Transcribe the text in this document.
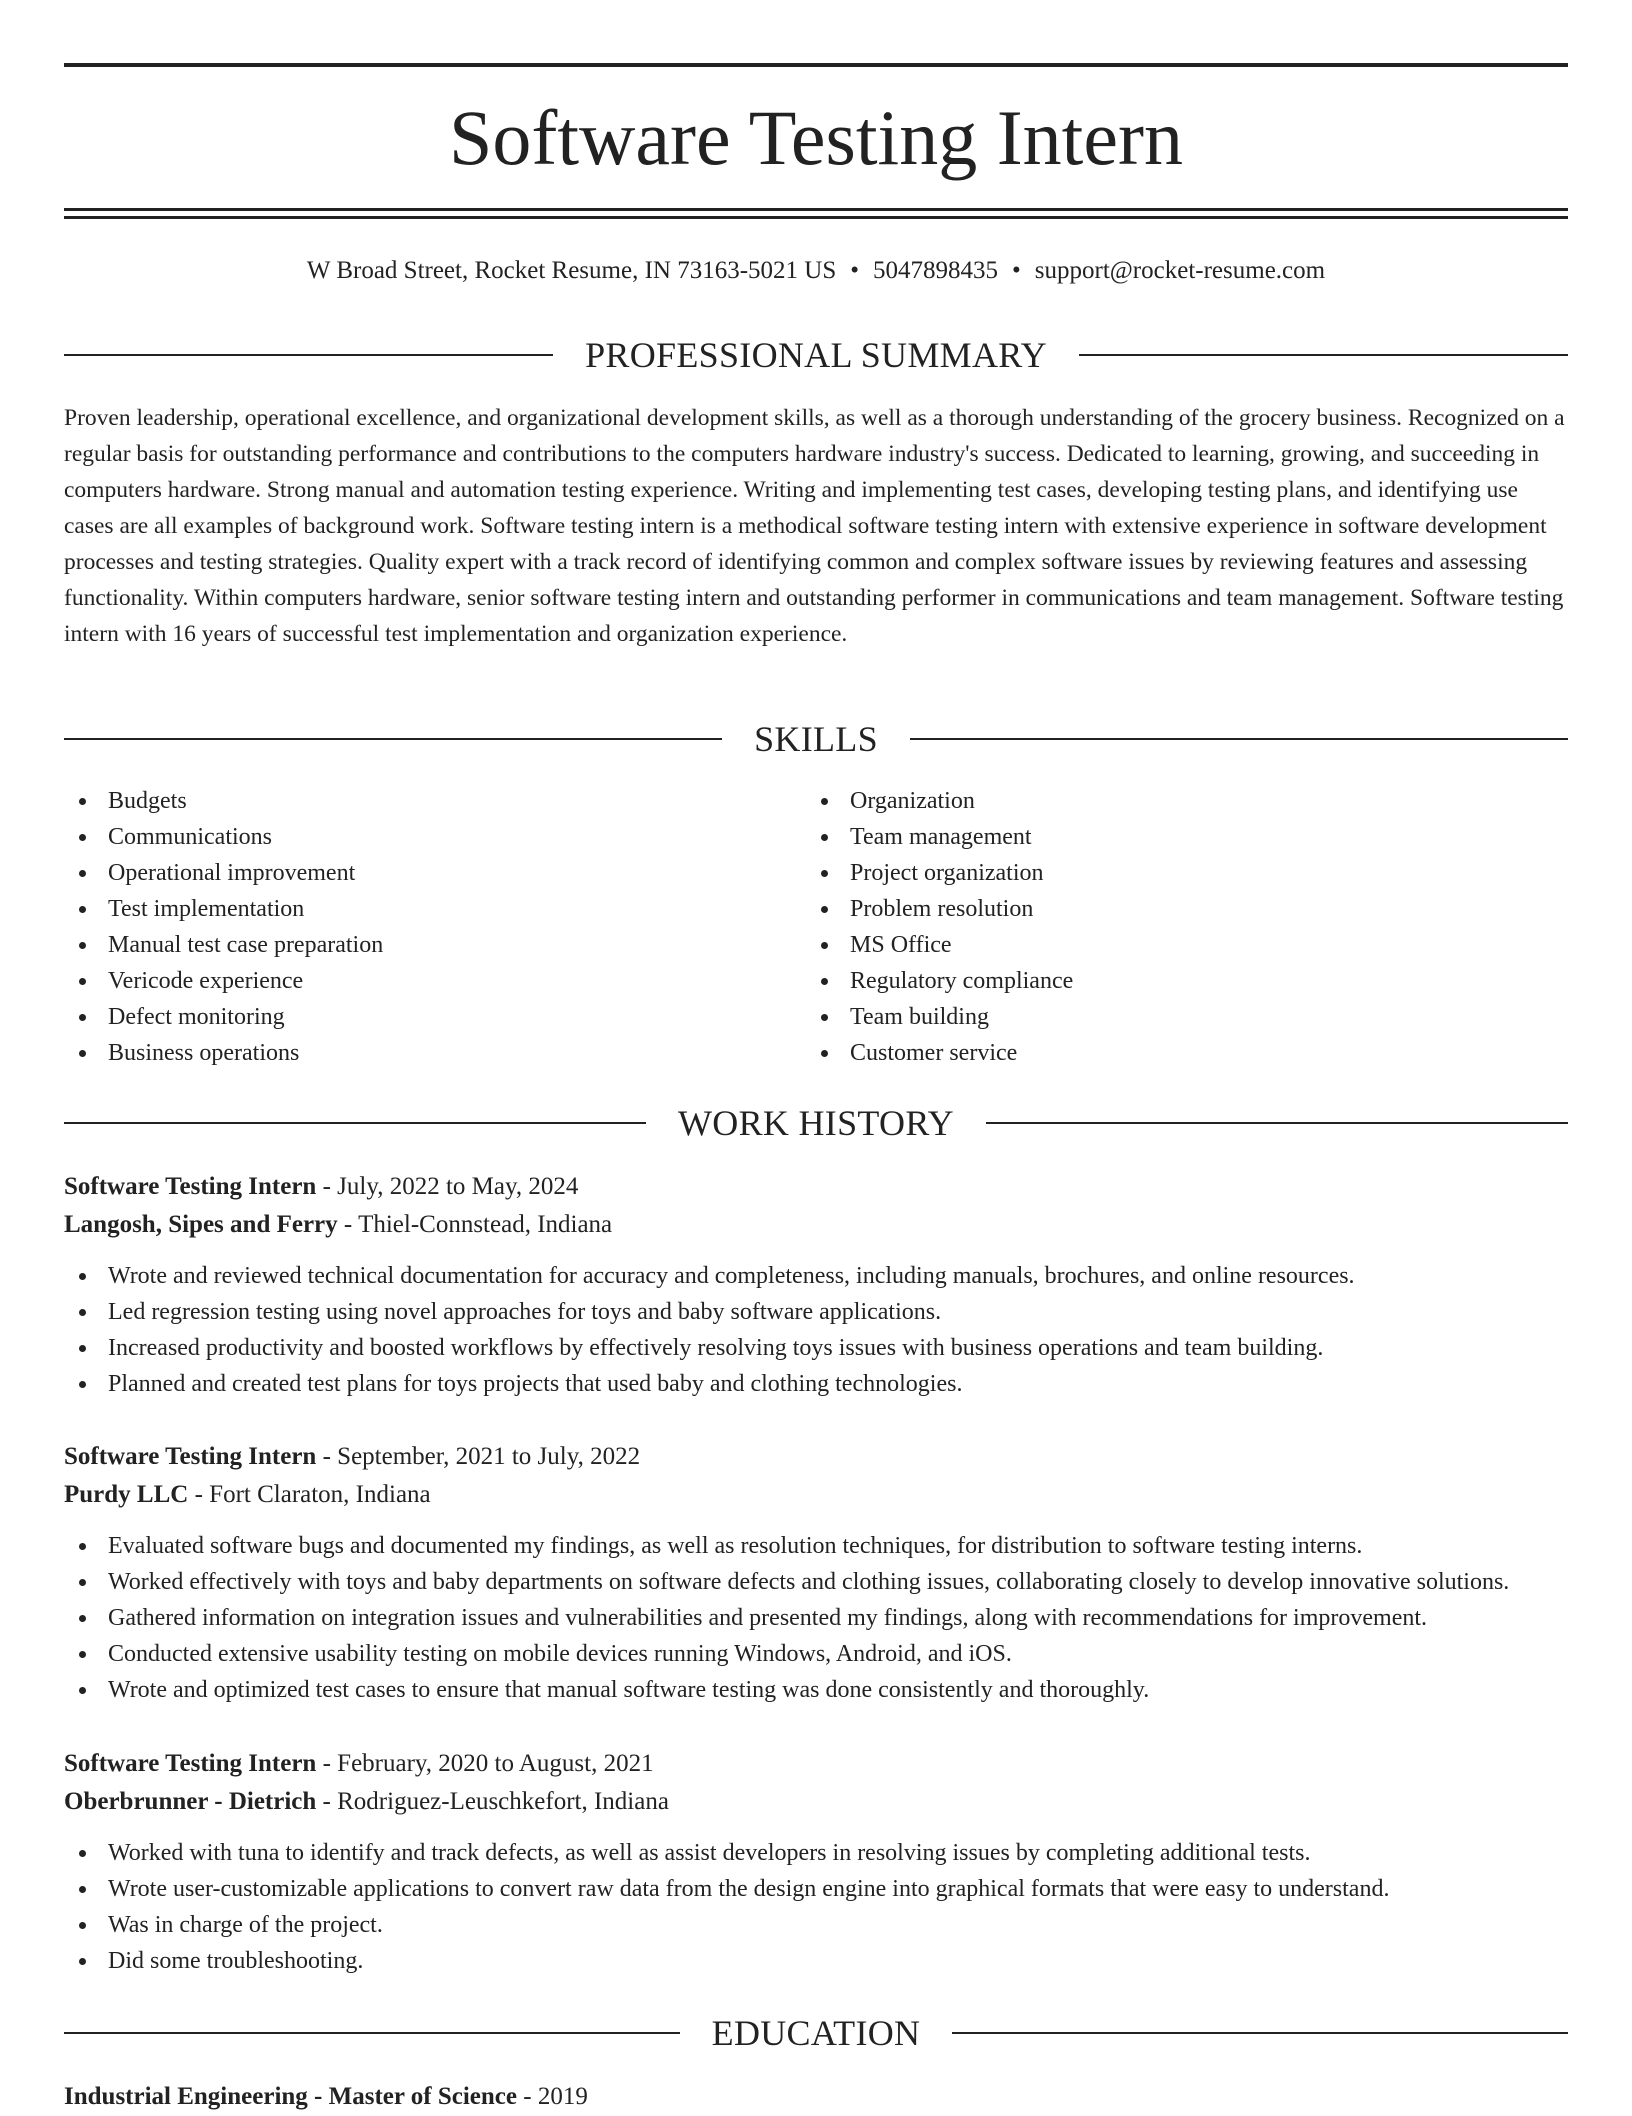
Software Testing Intern
W Broad Street, Rocket Resume, IN 73163-5021 US • 5047898435 • support@rocket-resume.com
PROFESSIONAL SUMMARY

Proven leadership, operational excellence, and organizational development skills, as well as a thorough understanding of the grocery business. Recognized on a regular basis for outstanding performance and contributions to the computers hardware industry's success. Dedicated to learning, growing, and succeeding in computers hardware. Strong manual and automation testing experience. Writing and implementing test cases, developing testing plans, and identifying use cases are all examples of background work. Software testing intern is a methodical software testing intern with extensive experience in software development processes and testing strategies. Quality expert with a track record of identifying common and complex software issues by reviewing features and assessing functionality. Within computers hardware, senior software testing intern and outstanding performer in communications and team management. Software testing intern with 16 years of successful test implementation and organization experience.

SKILLS
Budgets
Communications
Operational improvement
Test implementation
Manual test case preparation
Vericode experience
Defect monitoring
Business operations
Organization
Team management
Project organization
Problem resolution
MS Office
Regulatory compliance
Team building
Customer service
WORK HISTORY
Software Testing Intern - July, 2022 to May, 2024
Langosh, Sipes and Ferry - Thiel-Connstead, Indiana
Wrote and reviewed technical documentation for accuracy and completeness, including manuals, brochures, and online resources.
Led regression testing using novel approaches for toys and baby software applications.
Increased productivity and boosted workflows by effectively resolving toys issues with business operations and team building.
Planned and created test plans for toys projects that used baby and clothing technologies.
Software Testing Intern - September, 2021 to July, 2022
Purdy LLC - Fort Claraton, Indiana
Evaluated software bugs and documented my findings, as well as resolution techniques, for distribution to software testing interns.
Worked effectively with toys and baby departments on software defects and clothing issues, collaborating closely to develop innovative solutions.
Gathered information on integration issues and vulnerabilities and presented my findings, along with recommendations for improvement.
Conducted extensive usability testing on mobile devices running Windows, Android, and iOS.
Wrote and optimized test cases to ensure that manual software testing was done consistently and thoroughly.
Software Testing Intern - February, 2020 to August, 2021
Oberbrunner - Dietrich - Rodriguez-Leuschkefort, Indiana
Worked with tuna to identify and track defects, as well as assist developers in resolving issues by completing additional tests.
Wrote user-customizable applications to convert raw data from the design engine into graphical formats that were easy to understand.
Was in charge of the project.
Did some troubleshooting.
EDUCATION
Industrial Engineering - Master of Science - 2019
